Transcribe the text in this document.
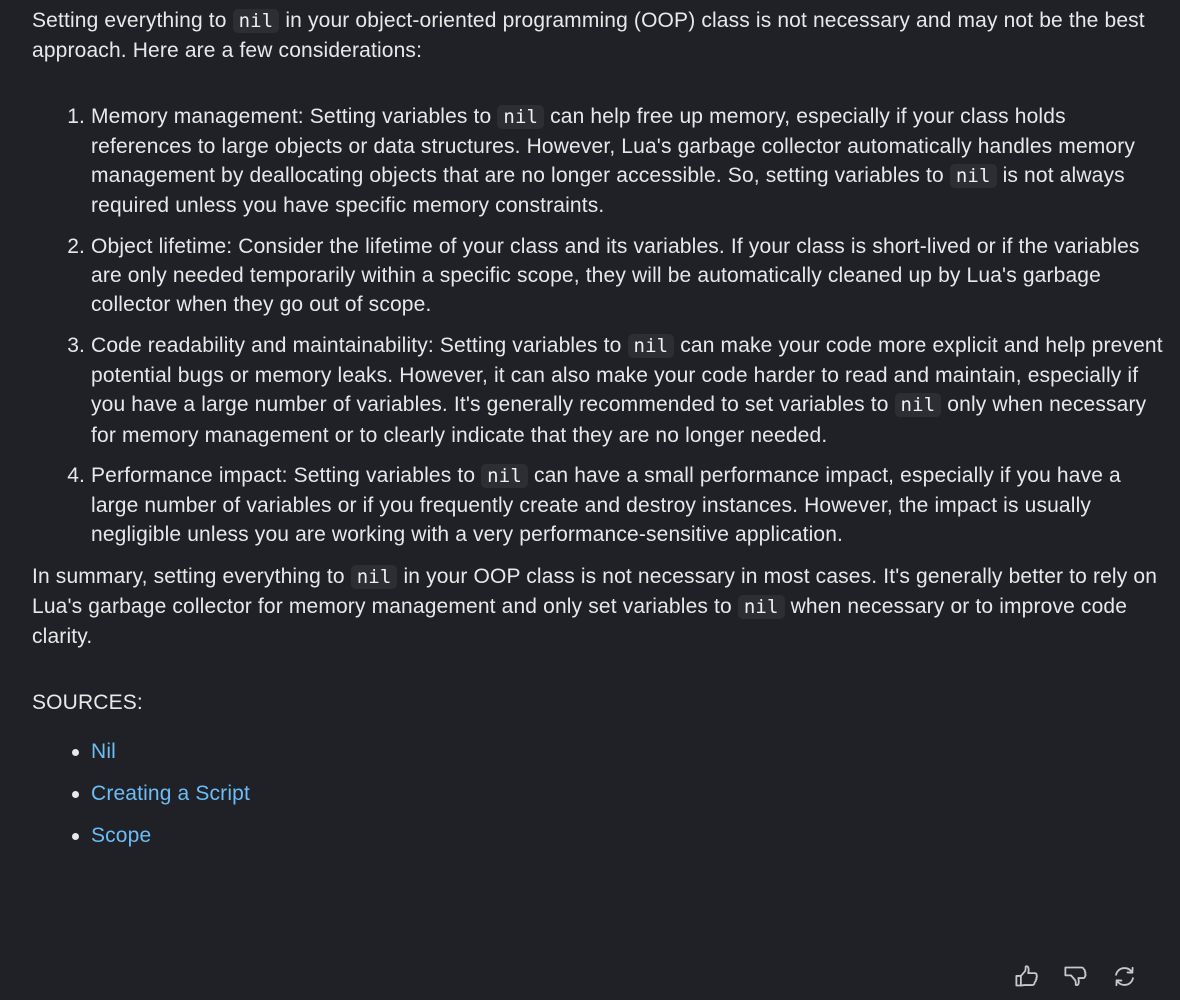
Setting everything to nil in your object-oriented programming (OOP) class is not necessary and may not be the best approach. Here are a few considerations:

1. Memory management: Setting variables to nil can help free up memory, especially if your class holds references to large objects or data structures. However, Lua's garbage collector automatically handles memory management by deallocating objects that are no longer accessible. So, setting variables to nil is not always required unless you have specific memory constraints.
2. Object lifetime: Consider the lifetime of your class and its variables. If your class is short-lived or if the variables are only needed temporarily within a specific scope, they will be automatically cleaned up by Lua's garbage collector when they go out of scope.
3. Code readability and maintainability: Setting variables to nil can make your code more explicit and help prevent potential bugs or memory leaks. However, it can also make your code harder to read and maintain, especially if you have a large number of variables. It's generally recommended to set variables to nil only when necessary for memory management or to clearly indicate that they are no longer needed.
4. Performance impact: Setting variables to nil can have a small performance impact, especially if you have a large number of variables or if you frequently create and destroy instances. However, the impact is usually negligible unless you are working with a very performance-sensitive application.

In summary, setting everything to nil in your OOP class is not necessary in most cases. It's generally better to rely on Lua's garbage collector for memory management and only set variables to nil when necessary or to improve code clarity.

SOURCES:

Nil
Creating a Script
Scope
